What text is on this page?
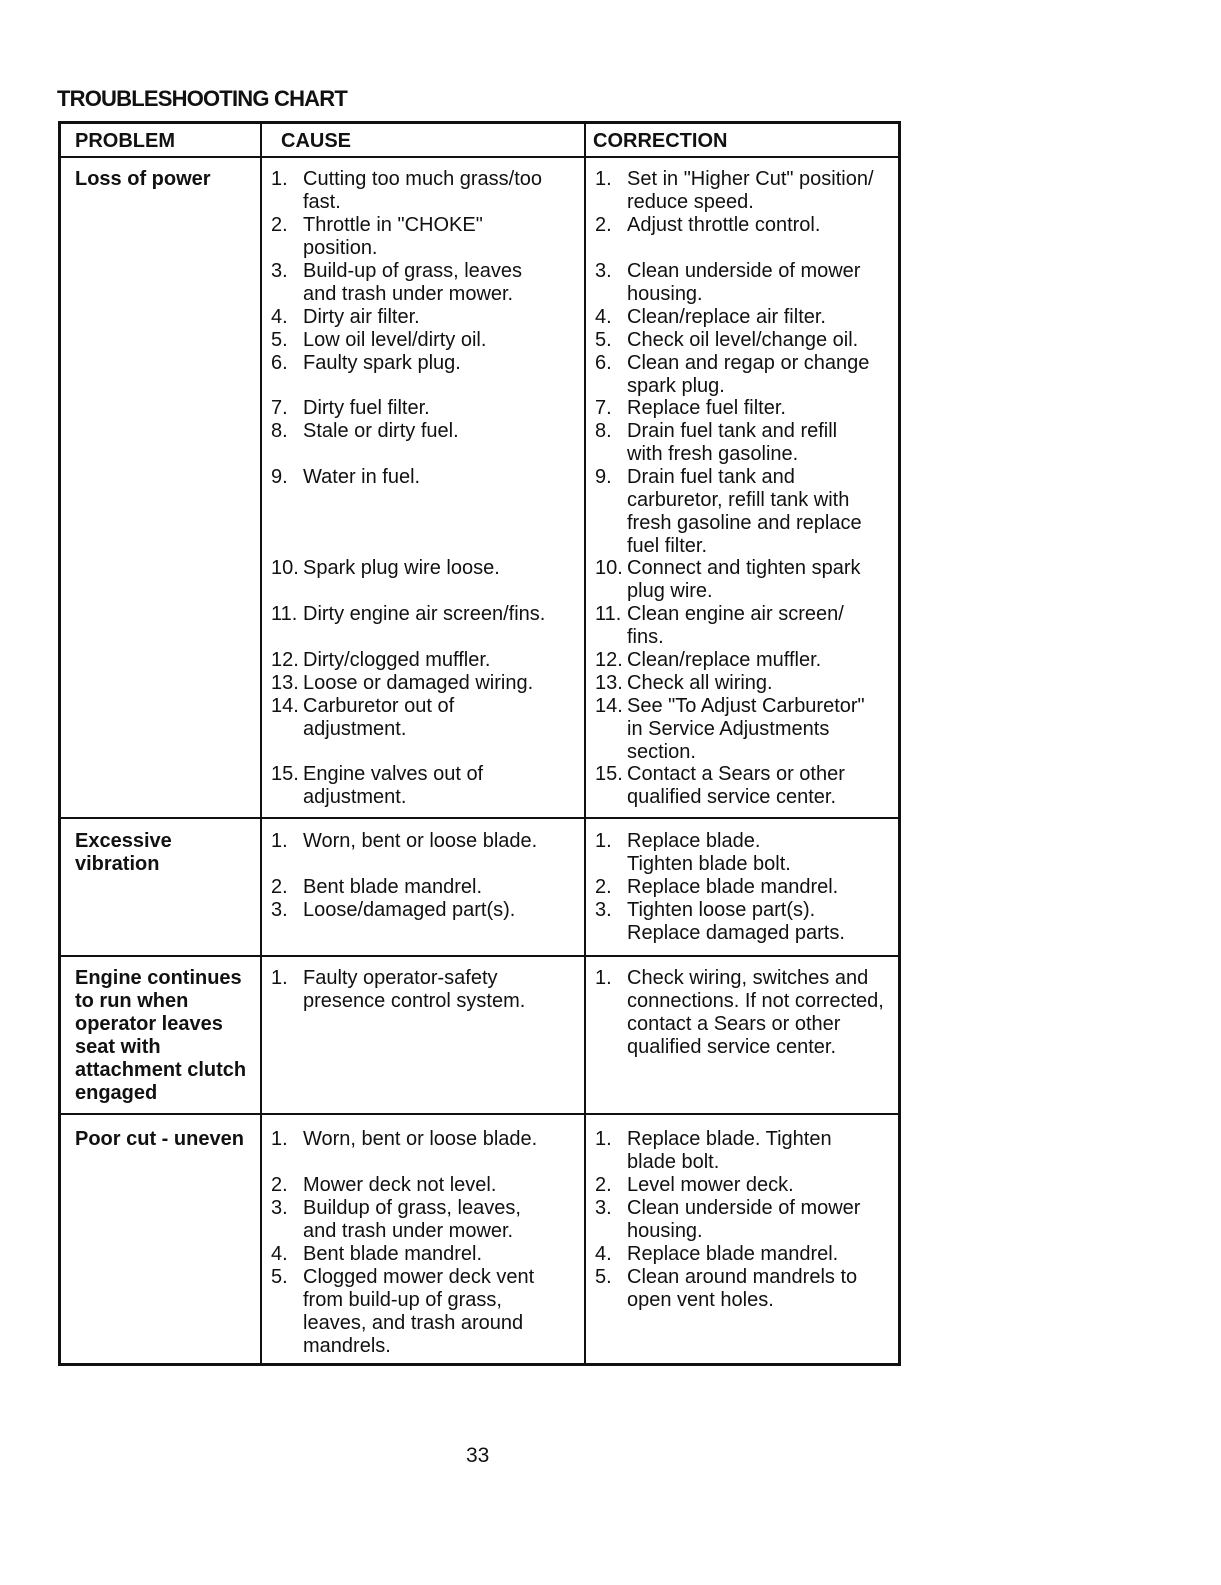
TROUBLESHOOTING CHART
PROBLEM	CAUSE	CORRECTION
Loss of power
Excessive vibration
Engine continues to run when operator leaves seat with attachment clutch engaged
Poor cut - uneven
1. Cutting too much grass/too
fast.
2. Throttle in "CHOKE"
position.
3. Build-up of grass, leaves
and trash under mower.
4. Dirty air filter.
5. Low oil level/dirty oil.
6. Faulty spark plug.
7. Dirty fuel filter.
8. Stale or dirty fuel.
9. Water in fuel.
10. Spark plug wire loose.
11. Dirty engine air screen/fins.
12. Dirty/clogged muffler.
13. Loose or damaged wiring.
14. Carburetor out of
adjustment.
15. Engine valves out of
adjustment.
1. Set in "Higher Cut" position/
reduce speed.
2. Adjust throttle control.
3. Clean underside of mower
housing.
4. Clean/replace air filter.
5. Check oil level/change oil.
6. Clean and regap or change
spark plug.
7. Replace fuel filter.
8. Drain fuel tank and refill
with fresh gasoline.
9. Drain fuel tank and
carburetor, refill tank with
fresh gasoline and replace
fuel filter.
10. Connect and tighten spark
plug wire.
11. Clean engine air screen/
fins.
12. Clean/replace muffler.
13. Check all wiring.
14. See "To Adjust Carburetor"
in Service Adjustments
section.
15. Contact a Sears or other
qualified service center.
1. Worn, bent or loose blade.
2. Bent blade mandrel.
3. Loose/damaged part(s).
1. Replace blade.
Tighten blade bolt.
2. Replace blade mandrel.
3. Tighten loose part(s).
Replace damaged parts.
1. Faulty operator-safety
presence control system.
1. Check wiring, switches and
connections. If not corrected,
contact a Sears or other
qualified service center.
1. Worn, bent or loose blade.
2. Mower deck not level.
3. Buildup of grass, leaves,
and trash under mower.
4. Bent blade mandrel.
5. Clogged mower deck vent
from build-up of grass,
leaves, and trash around
mandrels.
1. Replace blade. Tighten
blade bolt.
2. Level mower deck.
3. Clean underside of mower
housing.
4. Replace blade mandrel.
5. Clean around mandrels to
open vent holes.
33
